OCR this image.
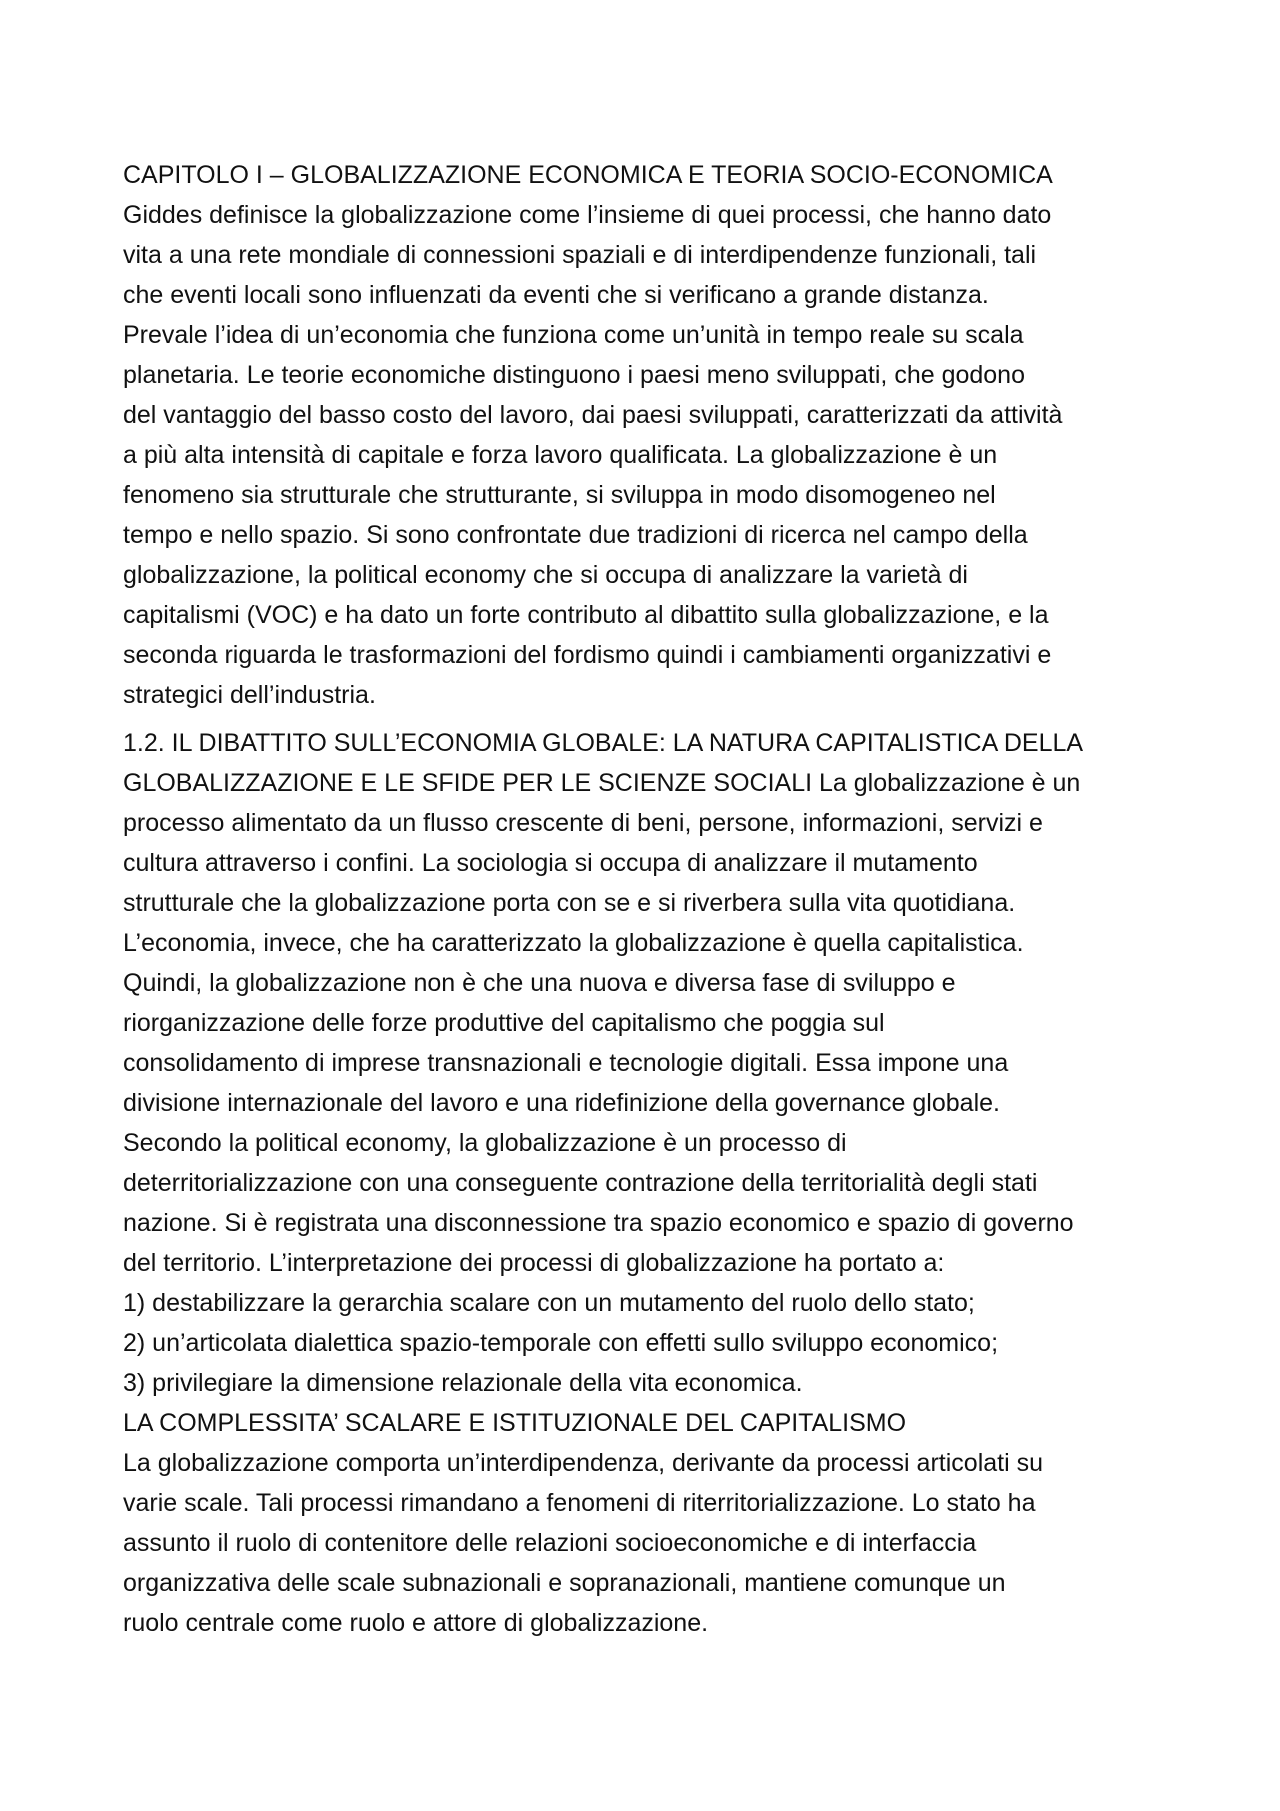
CAPITOLO I – GLOBALIZZAZIONE ECONOMICA E TEORIA SOCIO-ECONOMICA
Giddes definisce la globalizzazione come l’insieme di quei processi, che hanno dato
vita a una rete mondiale di connessioni spaziali e di interdipendenze funzionali, tali
che eventi locali sono influenzati da eventi che si verificano a grande distanza.
Prevale l’idea di un’economia che funziona come un’unità in tempo reale su scala
planetaria. Le teorie economiche distinguono i paesi meno sviluppati, che godono
del vantaggio del basso costo del lavoro, dai paesi sviluppati, caratterizzati da attività
a più alta intensità di capitale e forza lavoro qualificata. La globalizzazione è un
fenomeno sia strutturale che strutturante, si sviluppa in modo disomogeneo nel
tempo e nello spazio. Si sono confrontate due tradizioni di ricerca nel campo della
globalizzazione, la political economy che si occupa di analizzare la varietà di
capitalismi (VOC) e ha dato un forte contributo al dibattito sulla globalizzazione, e la
seconda riguarda le trasformazioni del fordismo quindi i cambiamenti organizzativi e
strategici dell’industria.
1.2. IL DIBATTITO SULL’ECONOMIA GLOBALE: LA NATURA CAPITALISTICA DELLA
GLOBALIZZAZIONE E LE SFIDE PER LE SCIENZE SOCIALI La globalizzazione è un
processo alimentato da un flusso crescente di beni, persone, informazioni, servizi e
cultura attraverso i confini. La sociologia si occupa di analizzare il mutamento
strutturale che la globalizzazione porta con se e si riverbera sulla vita quotidiana.
L’economia, invece, che ha caratterizzato la globalizzazione è quella capitalistica.
Quindi, la globalizzazione non è che una nuova e diversa fase di sviluppo e
riorganizzazione delle forze produttive del capitalismo che poggia sul
consolidamento di imprese transnazionali e tecnologie digitali. Essa impone una
divisione internazionale del lavoro e una ridefinizione della governance globale.
Secondo la political economy, la globalizzazione è un processo di
deterritorializzazione con una conseguente contrazione della territorialità degli stati
nazione. Si è registrata una disconnessione tra spazio economico e spazio di governo
del territorio. L’interpretazione dei processi di globalizzazione ha portato a:
1) destabilizzare la gerarchia scalare con un mutamento del ruolo dello stato;
2) un’articolata dialettica spazio-temporale con effetti sullo sviluppo economico;
3) privilegiare la dimensione relazionale della vita economica.
LA COMPLESSITA’ SCALARE E ISTITUZIONALE DEL CAPITALISMO
La globalizzazione comporta un’interdipendenza, derivante da processi articolati su
varie scale. Tali processi rimandano a fenomeni di riterritorializzazione. Lo stato ha
assunto il ruolo di contenitore delle relazioni socioeconomiche e di interfaccia
organizzativa delle scale subnazionali e sopranazionali, mantiene comunque un
ruolo centrale come ruolo e attore di globalizzazione.
